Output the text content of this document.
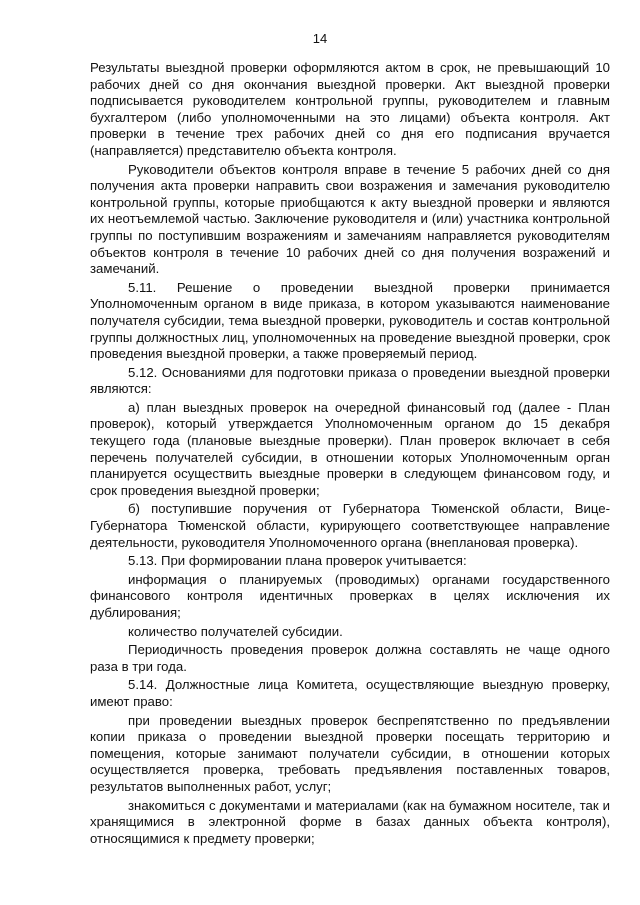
14

Результаты выездной проверки оформляются актом в срок, не превышающий 10 рабочих дней со дня окончания выездной проверки. Акт выездной проверки подписывается руководителем контрольной группы, руководителем и главным бухгалтером (либо уполномоченными на это лицами) объекта контроля. Акт проверки в течение трех рабочих дней со дня его подписания вручается (направляется) представителю объекта контроля.

Руководители объектов контроля вправе в течение 5 рабочих дней со дня получения акта проверки направить свои возражения и замечания руководителю контрольной группы, которые приобщаются к акту выездной проверки и являются их неотъемлемой частью. Заключение руководителя и (или) участника контрольной группы по поступившим возражениям и замечаниям направляется руководителям объектов контроля в течение 10 рабочих дней со дня получения возражений и замечаний.

5.11. Решение о проведении выездной проверки принимается Уполномоченным органом в виде приказа, в котором указываются наименование получателя субсидии, тема выездной проверки, руководитель и состав контрольной группы должностных лиц, уполномоченных на проведение выездной проверки, срок проведения выездной проверки, а также проверяемый период.

5.12. Основаниями для подготовки приказа о проведении выездной проверки являются:

а) план выездных проверок на очередной финансовый год (далее - План проверок), который утверждается Уполномоченным органом до 15 декабря текущего года (плановые выездные проверки). План проверок включает в себя перечень получателей субсидии, в отношении которых Уполномоченным орган планируется осуществить выездные проверки в следующем финансовом году, и срок проведения выездной проверки;

б) поступившие поручения от Губернатора Тюменской области, Вице-Губернатора Тюменской области, курирующего соответствующее направление деятельности, руководителя Уполномоченного органа (внеплановая проверка).

5.13. При формировании плана проверок учитывается:

информация о планируемых (проводимых) органами государственного финансового контроля идентичных проверках в целях исключения их дублирования;

количество получателей субсидии.

Периодичность проведения проверок должна составлять не чаще одного раза в три года.

5.14. Должностные лица Комитета, осуществляющие выездную проверку, имеют право:

при проведении выездных проверок беспрепятственно по предъявлении копии приказа о проведении выездной проверки посещать территорию и помещения, которые занимают получатели субсидии, в отношении которых осуществляется проверка, требовать предъявления поставленных товаров, результатов выполненных работ, услуг;

знакомиться с документами и материалами (как на бумажном носителе, так и хранящимися в электронной форме в базах данных объекта контроля), относящимися к предмету проверки;
